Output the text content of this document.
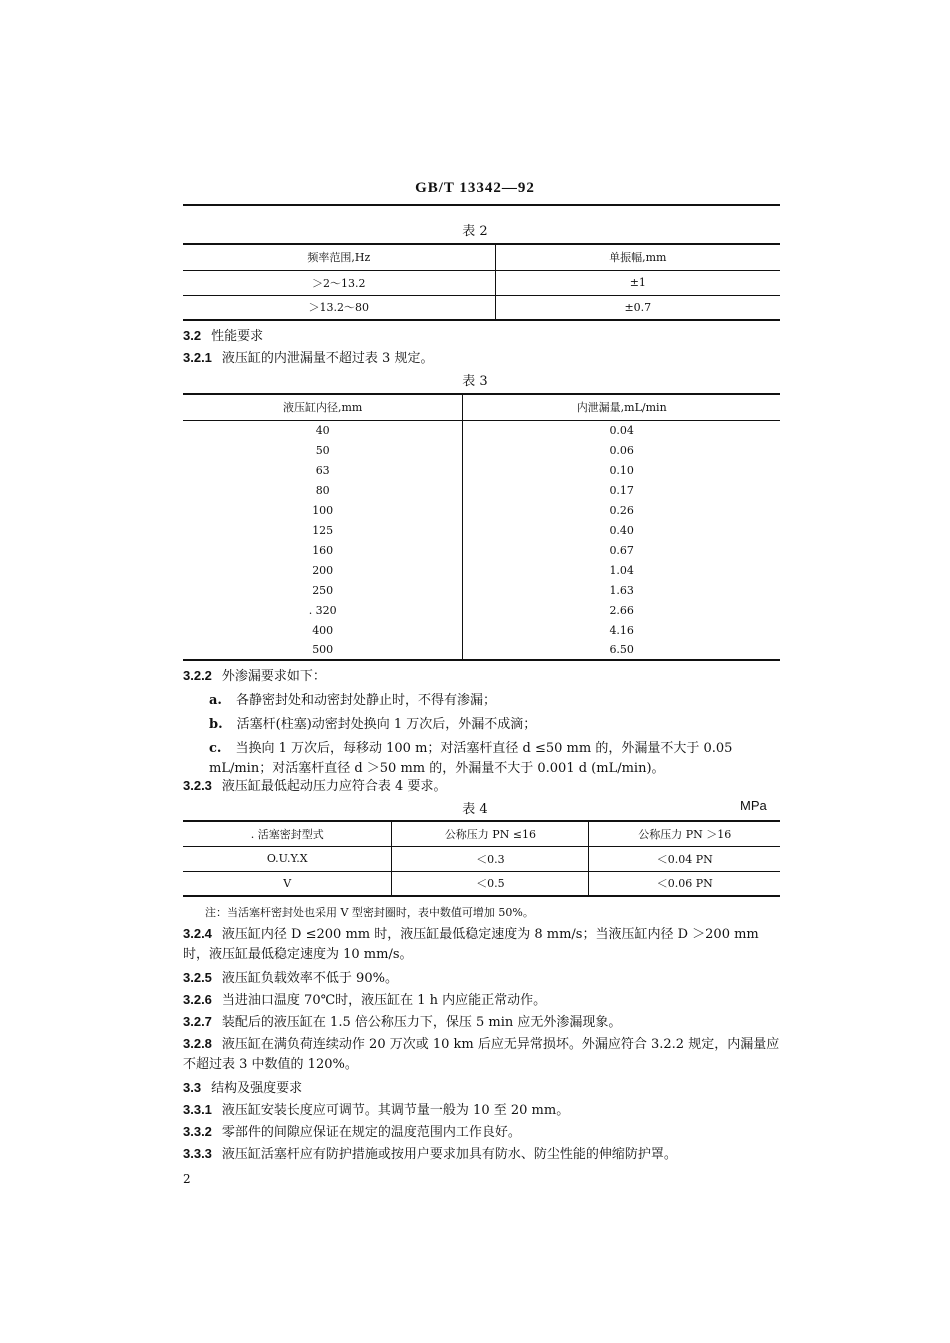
GB/T 13342—92
表 2
频率范围,Hz	单振幅,mm
＞2～13.2	±1
＞13.2～80	±0.7
3.2 性能要求
3.2.1 液压缸的内泄漏量不超过表 3 规定。
表 3
液压缸内径,mm	内泄漏量,mL/min
40	0.04
50	0.06
63	0.10
80	0.17
100	0.26
125	0.40
160	0.67
200	1.04
250	1.63
. 320	2.66
400	4.16
500	6.50
3.2.2 外渗漏要求如下：
a. 各静密封处和动密封处静止时，不得有渗漏；
b. 活塞杆(柱塞)动密封处换向 1 万次后，外漏不成滴；
c. 当换向 1 万次后，每移动 100 m；对活塞杆直径 d ≤50 mm 的，外漏量不大于 0.05 mL/min；对活塞杆直径 d ＞50 mm 的，外漏量不大于 0.001 d (mL/min)。
3.2.3 液压缸最低起动压力应符合表 4 要求。
表 4	MPa
. 活塞密封型式	公称压力 PN ≤16	公称压力 PN ＞16
O.U.Y.X	＜0.3	＜0.04 PN
V	＜0.5	＜0.06 PN
注：当活塞杆密封处也采用 V 型密封圈时，表中数值可增加 50%。
3.2.4 液压缸内径 D ≤200 mm 时，液压缸最低稳定速度为 8 mm/s；当液压缸内径 D ＞200 mm 时，液压缸最低稳定速度为 10 mm/s。
3.2.5 液压缸负载效率不低于 90%。
3.2.6 当进油口温度 70℃时，液压缸在 1 h 内应能正常动作。
3.2.7 装配后的液压缸在 1.5 倍公称压力下，保压 5 min 应无外渗漏现象。
3.2.8 液压缸在满负荷连续动作 20 万次或 10 km 后应无异常损坏。外漏应符合 3.2.2 规定，内漏量应不超过表 3 中数值的 120%。
3.3 结构及强度要求
3.3.1 液压缸安装长度应可调节。其调节量一般为 10 至 20 mm。
3.3.2 零部件的间隙应保证在规定的温度范围内工作良好。
3.3.3 液压缸活塞杆应有防护措施或按用户要求加具有防水、防尘性能的伸缩防护罩。
2
